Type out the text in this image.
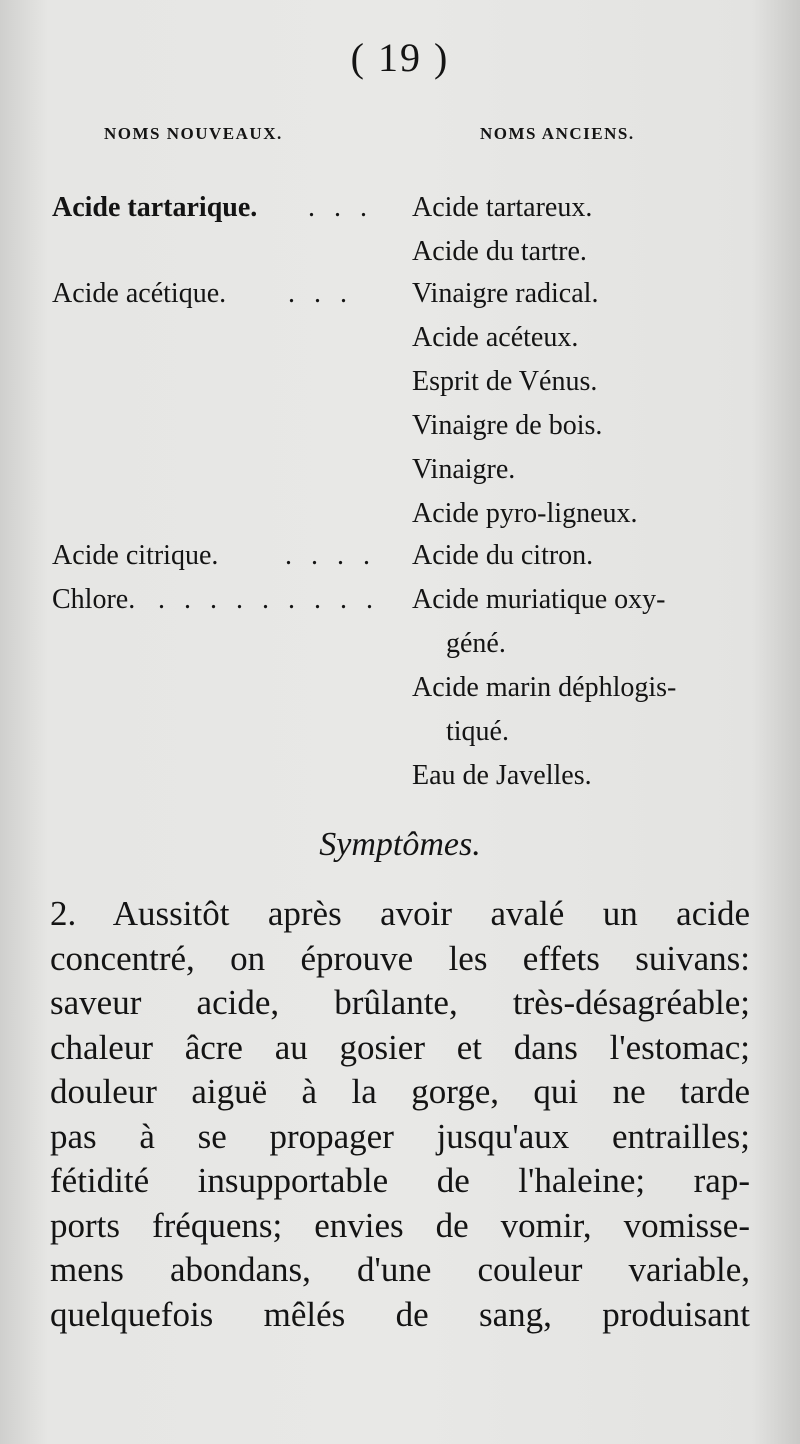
( 19 )
NOMS NOUVEAUX.	NOMS ANCIENS.
Acide tartarique. . . . Acide tartareux.
Acide du tartre.
Acide acétique. . . . Vinaigre radical.
Acide acéteux.
Esprit de Vénus.
Vinaigre de bois.
Vinaigre.
Acide pyro-ligneux.
Acide citrique. . . . . Acide du citron.
Chlore. . . . . . . . . . Acide muriatique oxy-
géné.
Acide marin déphlogis-
tiqué.
Eau de Javelles.
Symptômes.
2. Aussitôt après avoir avalé un acide
concentré, on éprouve les effets suivans:
saveur acide, brûlante, très-désagréable;
chaleur âcre au gosier et dans l'estomac;
douleur aiguë à la gorge, qui ne tarde
pas à se propager jusqu'aux entrailles;
fétidité insupportable de l'haleine; rap-
ports fréquens; envies de vomir, vomisse-
mens abondans, d'une couleur variable,
quelquefois mêlés de sang, produisant
